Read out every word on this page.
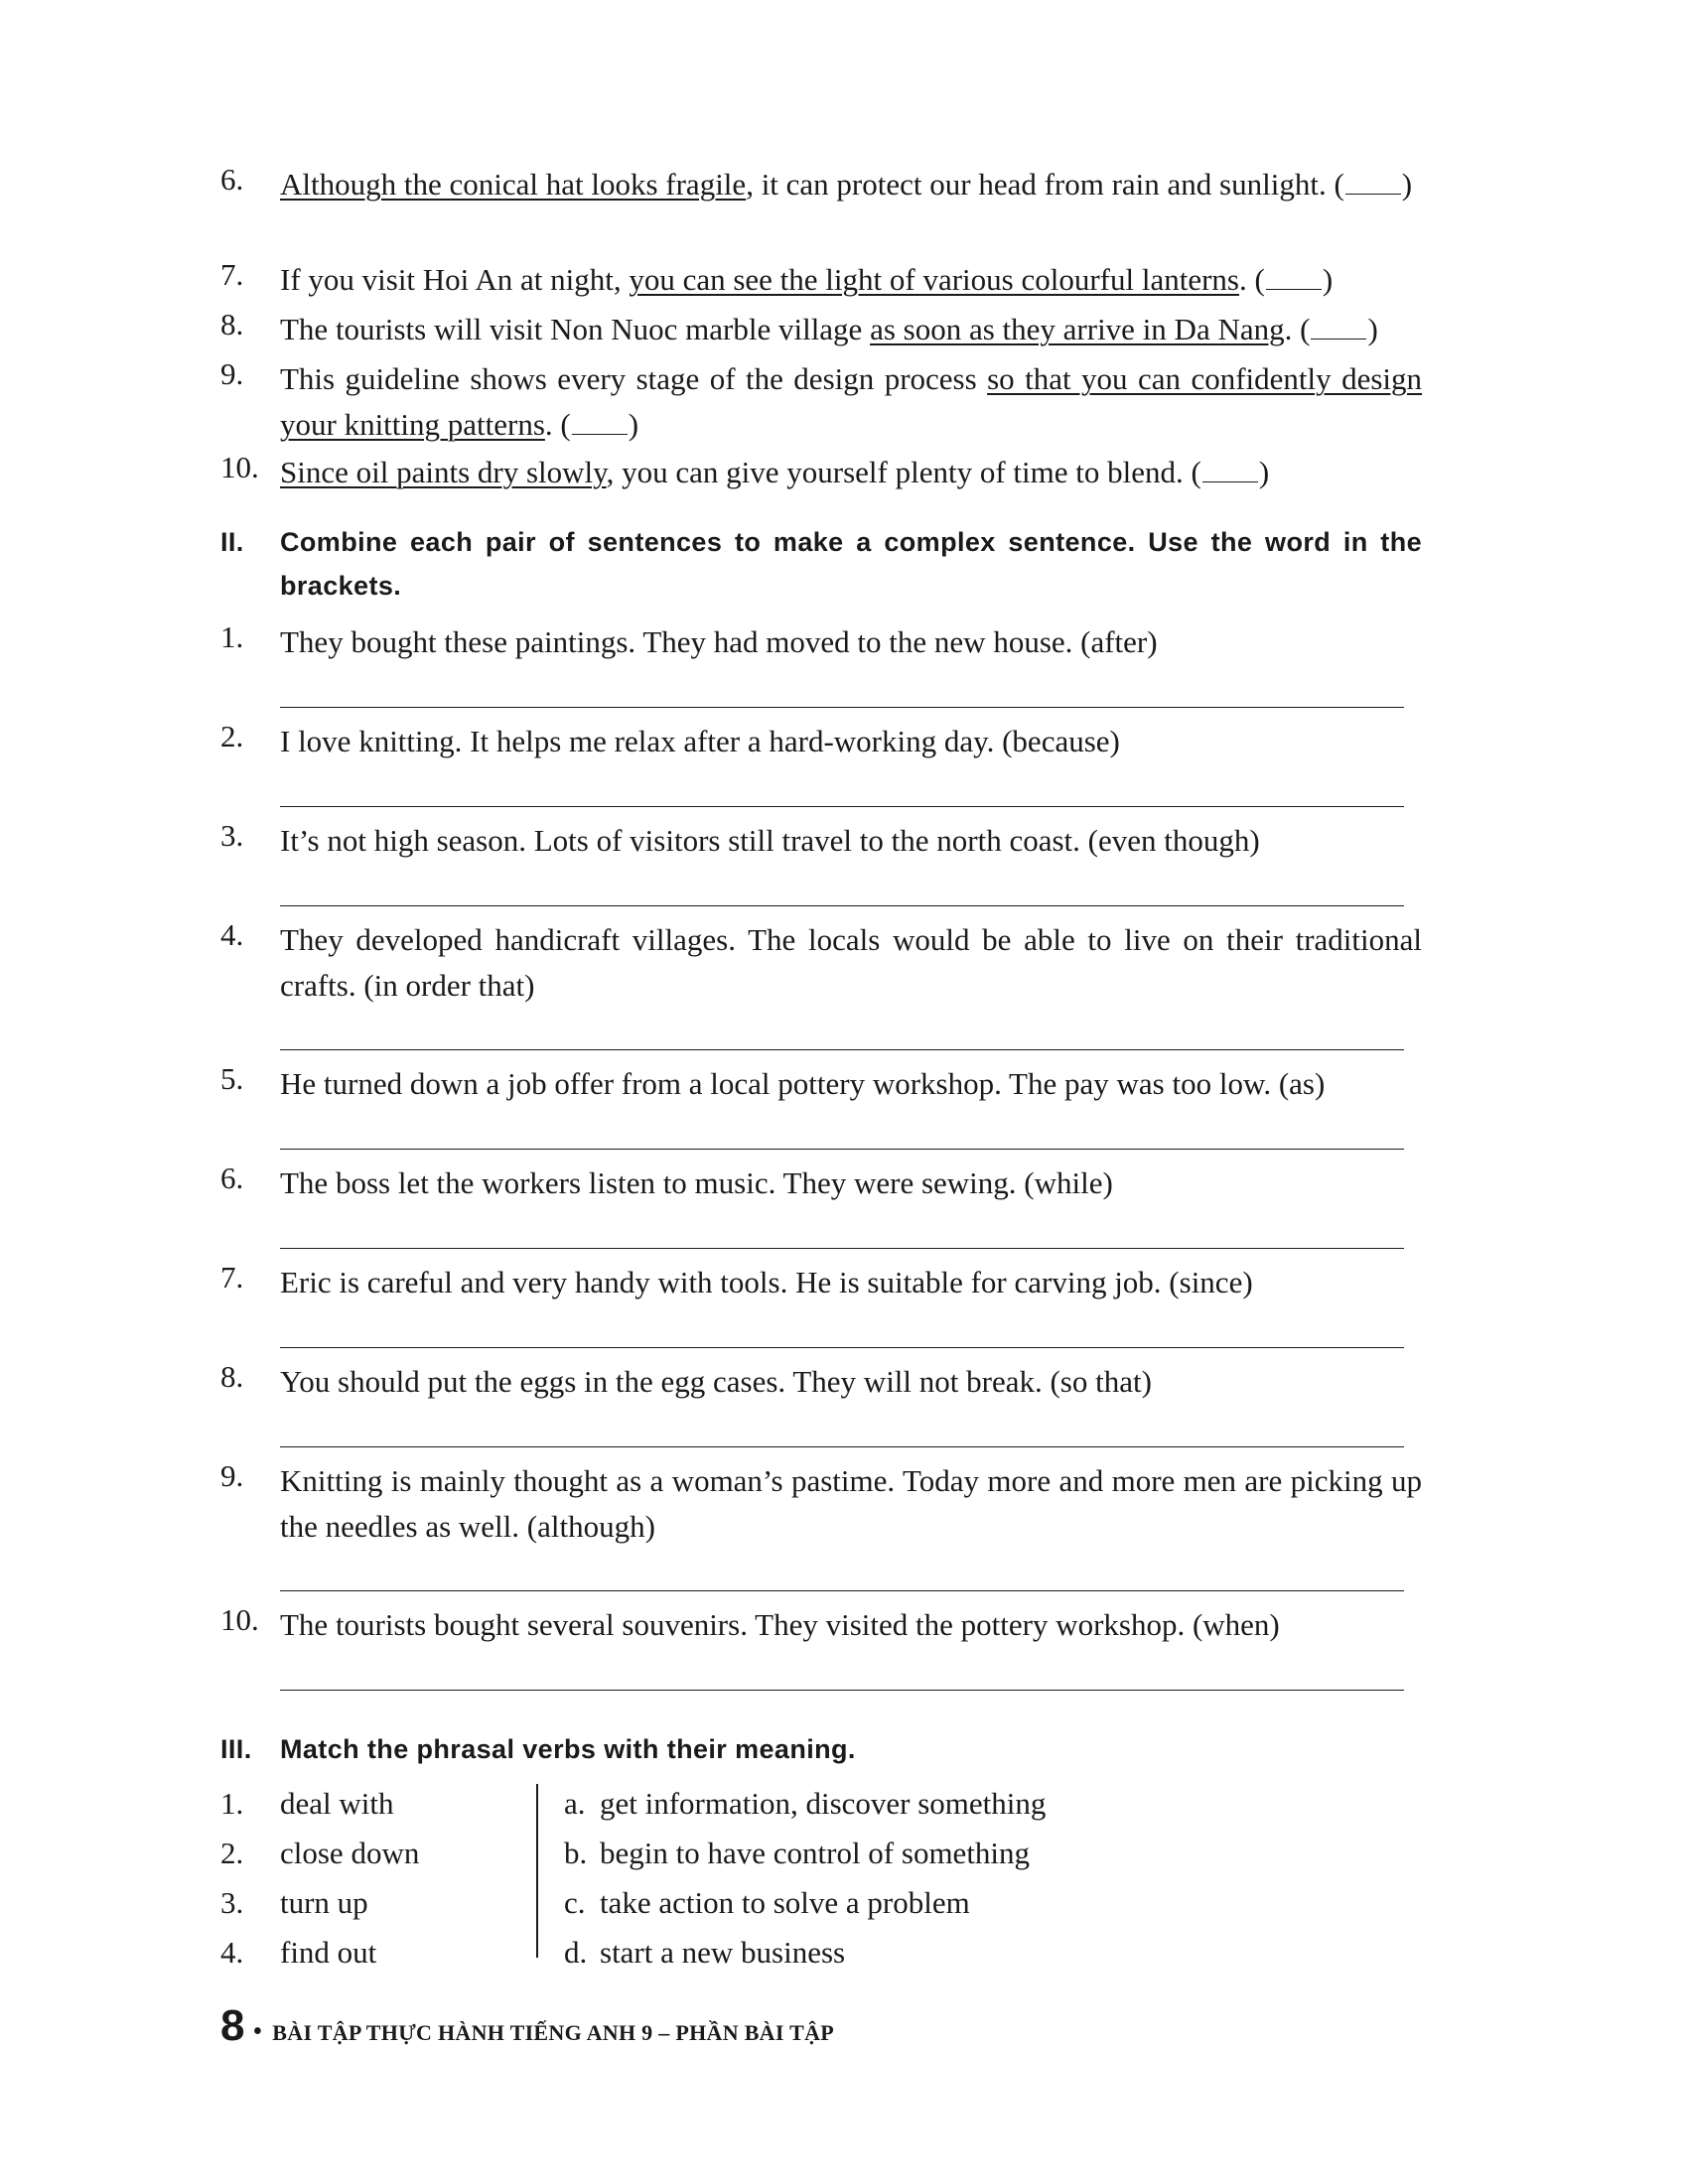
6. Although the conical hat looks fragile, it can protect our head from rain and sunlight. ( )
7. If you visit Hoi An at night, you can see the light of various colourful lanterns. ( )
8. The tourists will visit Non Nuoc marble village as soon as they arrive in Da Nang. ( )
9. This guideline shows every stage of the design process so that you can confidently design your knitting patterns. ( )
10. Since oil paints dry slowly, you can give yourself plenty of time to blend. ( )
II. Combine each pair of sentences to make a complex sentence. Use the word in the brackets.
1. They bought these paintings. They had moved to the new house. (after)
2. I love knitting. It helps me relax after a hard-working day. (because)
3. It’s not high season. Lots of visitors still travel to the north coast. (even though)
4. They developed handicraft villages. The locals would be able to live on their traditional crafts. (in order that)
5. He turned down a job offer from a local pottery workshop. The pay was too low. (as)
6. The boss let the workers listen to music. They were sewing. (while)
7. Eric is careful and very handy with tools. He is suitable for carving job. (since)
8. You should put the eggs in the egg cases. They will not break. (so that)
9. Knitting is mainly thought as a woman’s pastime. Today more and more men are picking up the needles as well. (although)
10. The tourists bought several souvenirs. They visited the pottery workshop. (when)
III. Match the phrasal verbs with their meaning.
1. deal with
2. close down
3. turn up
4. find out
a. get information, discover something
b. begin to have control of something
c. take action to solve a problem
d. start a new business
8 • BÀI TẬP THỰC HÀNH TIẾNG ANH 9 – PHẦN BÀI TẬP
